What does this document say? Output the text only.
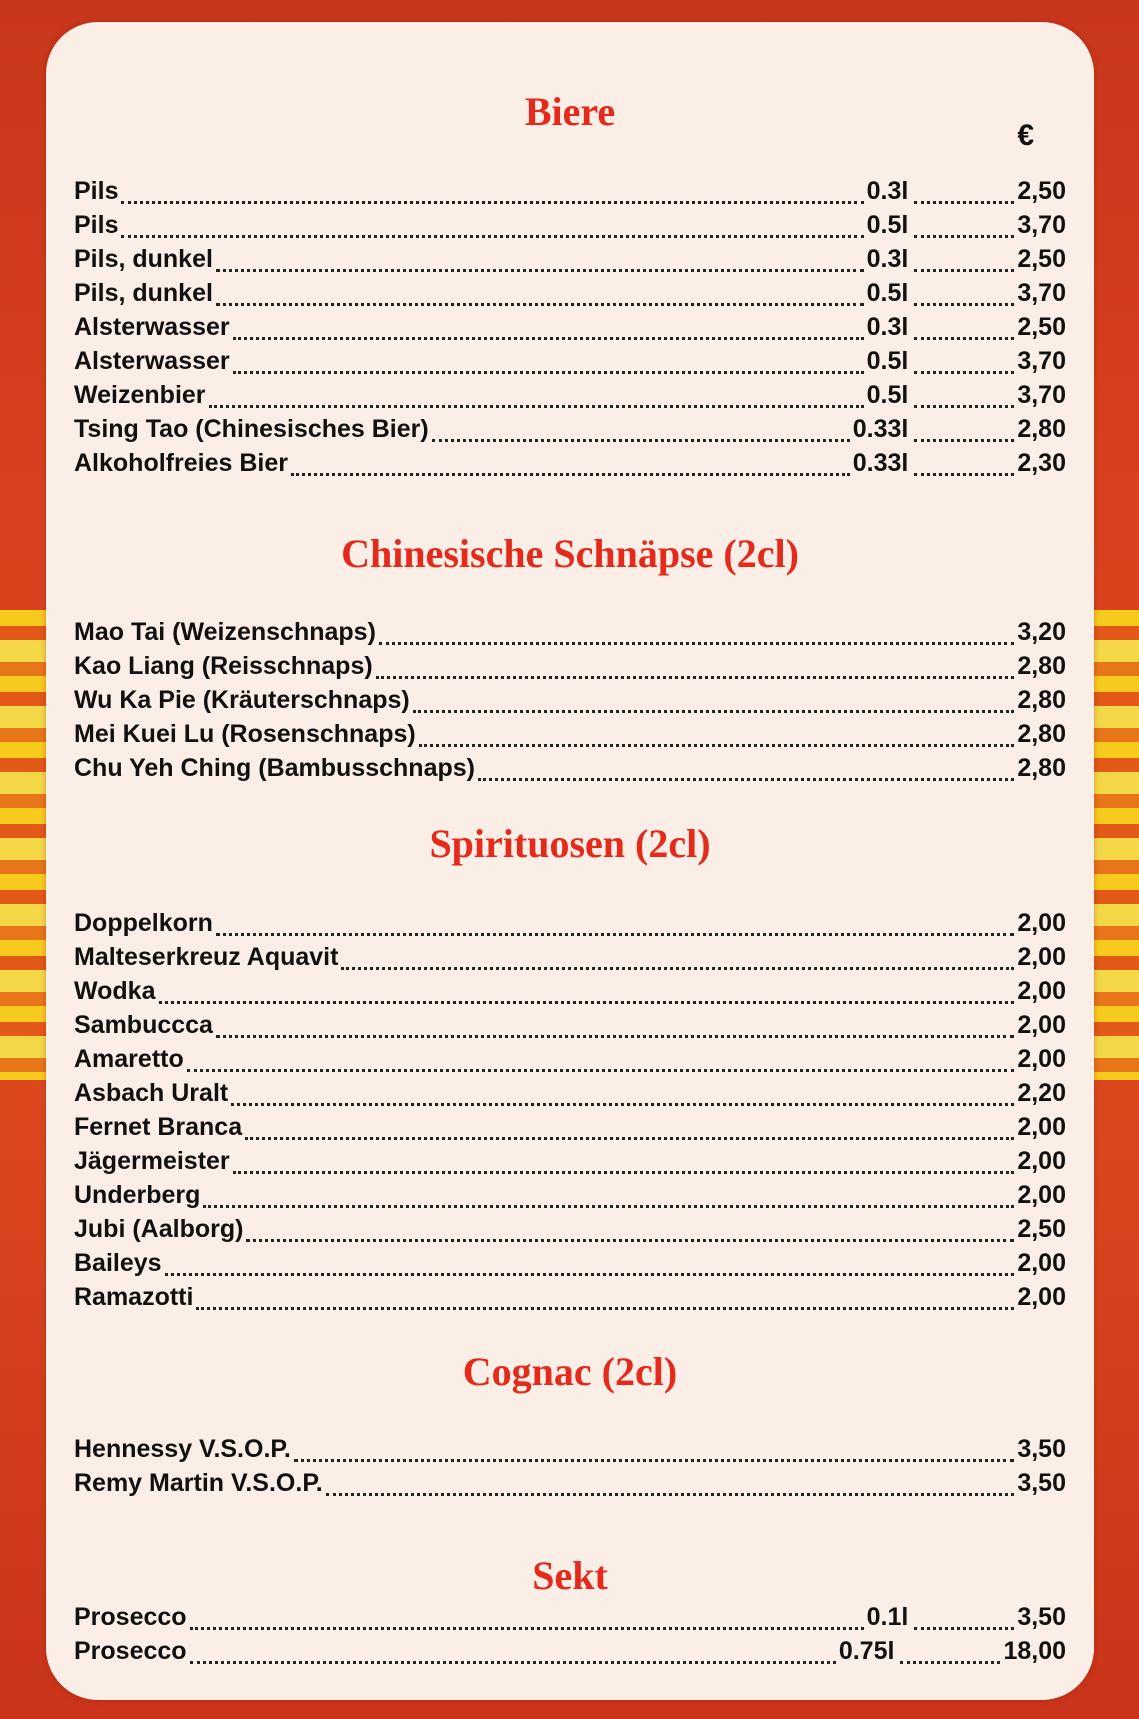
Biere
€
Pils	0.3l	2,50
Pils	0.5l	3,70
Pils, dunkel	0.3l	2,50
Pils, dunkel	0.5l	3,70
Alsterwasser	0.3l	2,50
Alsterwasser	0.5l	3,70
Weizenbier	0.5l	3,70
Tsing Tao (Chinesisches Bier)	0.33l	2,80
Alkoholfreies Bier	0.33l	2,30
Chinesische Schnäpse (2cl)
Mao Tai (Weizenschnaps)	3,20
Kao Liang (Reisschnaps)	2,80
Wu Ka Pie (Kräuterschnaps)	2,80
Mei Kuei Lu (Rosenschnaps)	2,80
Chu Yeh Ching (Bambusschnaps)	2,80
Spirituosen (2cl)
Doppelkorn	2,00
Malteserkreuz Aquavit	2,00
Wodka	2,00
Sambuccca	2,00
Amaretto	2,00
Asbach Uralt	2,20
Fernet Branca	2,00
Jägermeister	2,00
Underberg	2,00
Jubi (Aalborg)	2,50
Baileys	2,00
Ramazotti	2,00
Cognac (2cl)
Hennessy V.S.O.P.	3,50
Remy Martin V.S.O.P.	3,50
Sekt
Prosecco	0.1l	3,50
Prosecco	0.75l	18,00
